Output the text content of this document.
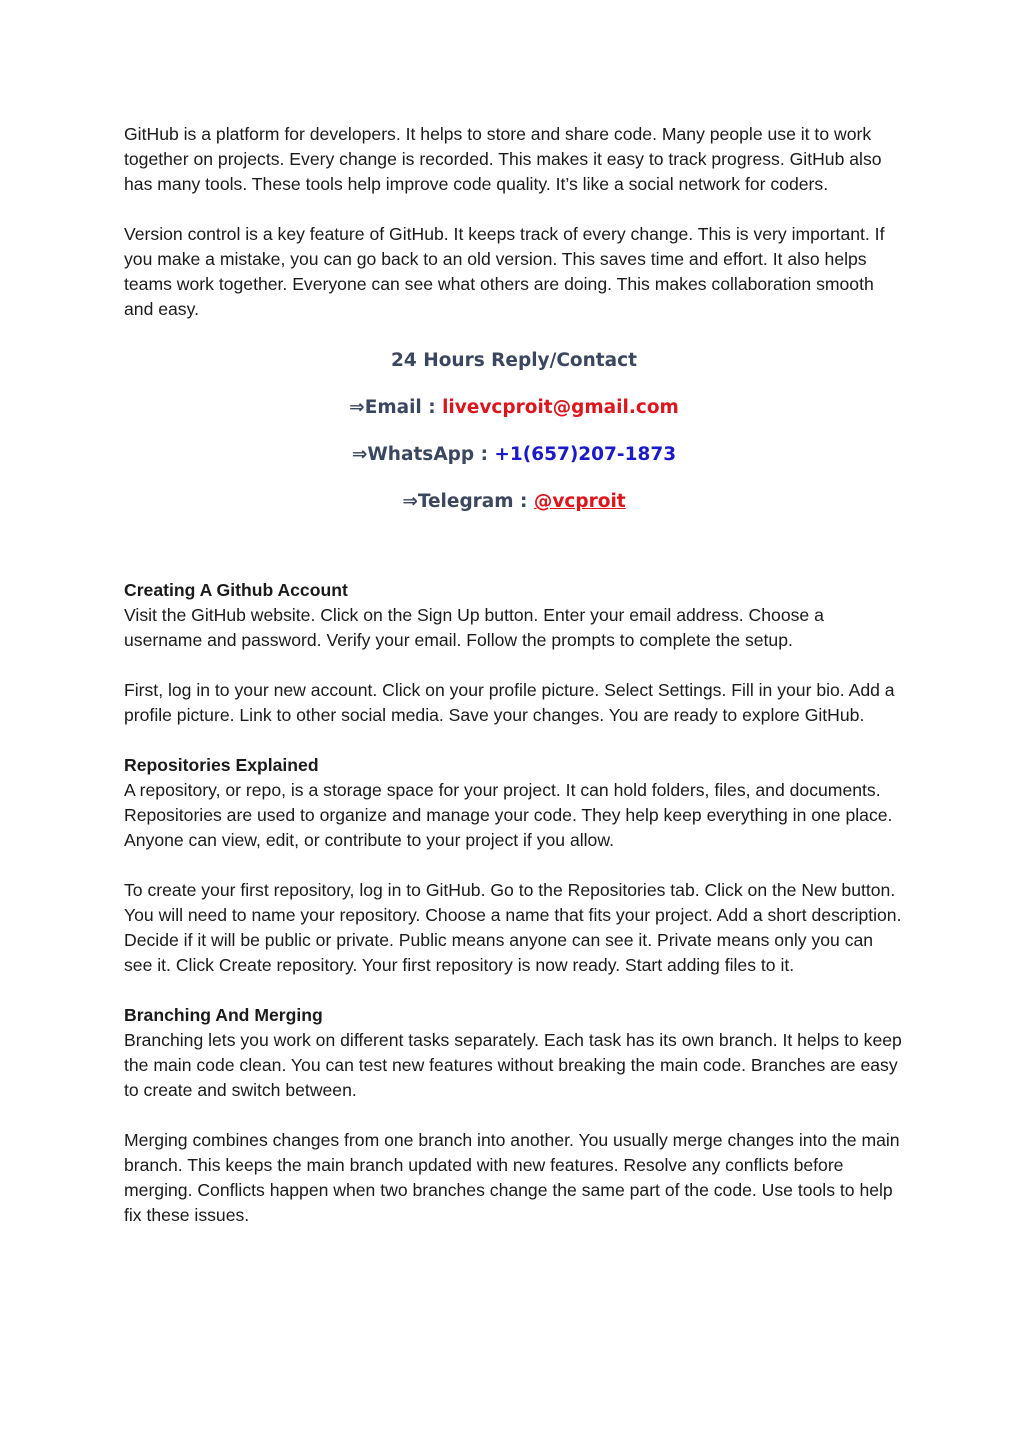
GitHub is a platform for developers. It helps to store and share code. Many people use it to work together on projects. Every change is recorded. This makes it easy to track progress. GitHub also has many tools. These tools help improve code quality. It’s like a social network for coders.

Version control is a key feature of GitHub. It keeps track of every change. This is very important. If you make a mistake, you can go back to an old version. This saves time and effort. It also helps teams work together. Everyone can see what others are doing. This makes collaboration smooth and easy.

24 Hours Reply/Contact
⇒Email : livevcproit@gmail.com
⇒WhatsApp : +1(657)207-1873
⇒Telegram : @vcproit
Creating A Github Account

Visit the GitHub website. Click on the Sign Up button. Enter your email address. Choose a username and password. Verify your email. Follow the prompts to complete the setup.

First, log in to your new account. Click on your profile picture. Select Settings. Fill in your bio. Add a profile picture. Link to other social media. Save your changes. You are ready to explore GitHub.

Repositories Explained

A repository, or repo, is a storage space for your project. It can hold folders, files, and documents. Repositories are used to organize and manage your code. They help keep everything in one place. Anyone can view, edit, or contribute to your project if you allow.

To create your first repository, log in to GitHub. Go to the Repositories tab. Click on the New button. You will need to name your repository. Choose a name that fits your project. Add a short description. Decide if it will be public or private. Public means anyone can see it. Private means only you can see it. Click Create repository. Your first repository is now ready. Start adding files to it.

Branching And Merging

Branching lets you work on different tasks separately. Each task has its own branch. It helps to keep the main code clean. You can test new features without breaking the main code. Branches are easy to create and switch between.

Merging combines changes from one branch into another. You usually merge changes into the main branch. This keeps the main branch updated with new features. Resolve any conflicts before merging. Conflicts happen when two branches change the same part of the code. Use tools to help fix these issues.
